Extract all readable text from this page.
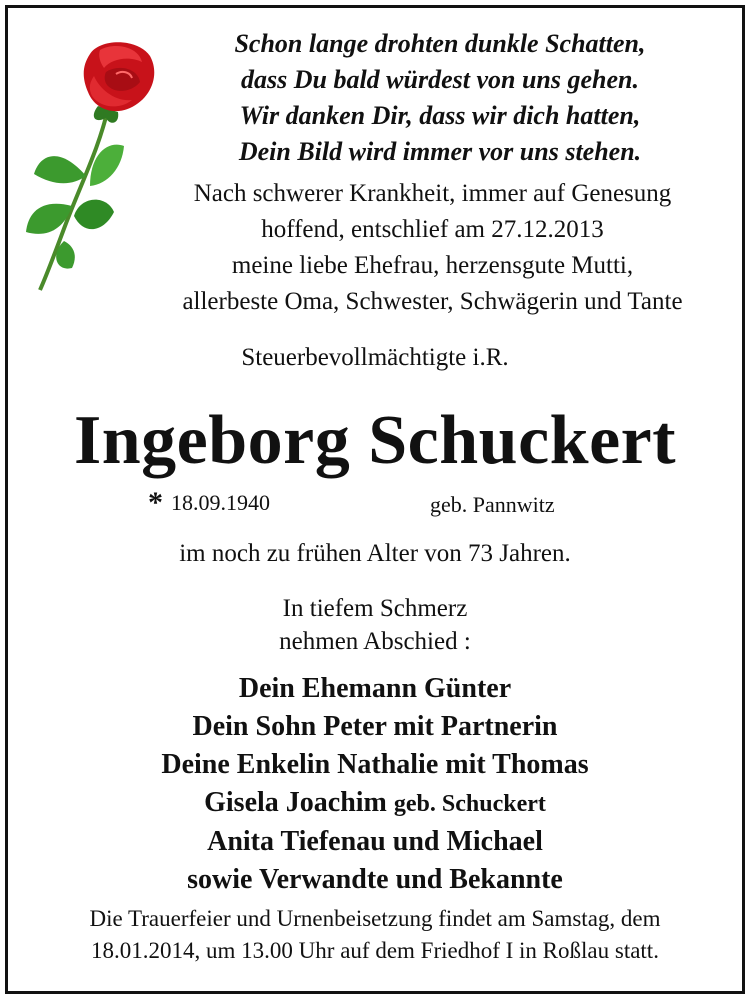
Schon lange drohten dunkle Schatten,
dass Du bald würdest von uns gehen.
Wir danken Dir, dass wir dich hatten,
Dein Bild wird immer vor uns stehen.
Nach schwerer Krankheit, immer auf Genesung
hoffend, entschlief am 27.12.2013
meine liebe Ehefrau, herzensgute Mutti,
allerbeste Oma, Schwester, Schwägerin und Tante
Steuerbevollmächtigte i.R.
Ingeborg Schuckert
* 18.09.1940	geb. Pannwitz
im noch zu frühen Alter von 73 Jahren.
In tiefem Schmerz
nehmen Abschied :
Dein Ehemann Günter
Dein Sohn Peter mit Partnerin
Deine Enkelin Nathalie mit Thomas
Gisela Joachim geb. Schuckert
Anita Tiefenau und Michael
sowie Verwandte und Bekannte
Die Trauerfeier und Urnenbeisetzung findet am Samstag, dem
18.01.2014, um 13.00 Uhr auf dem Friedhof I in Roßlau statt.
